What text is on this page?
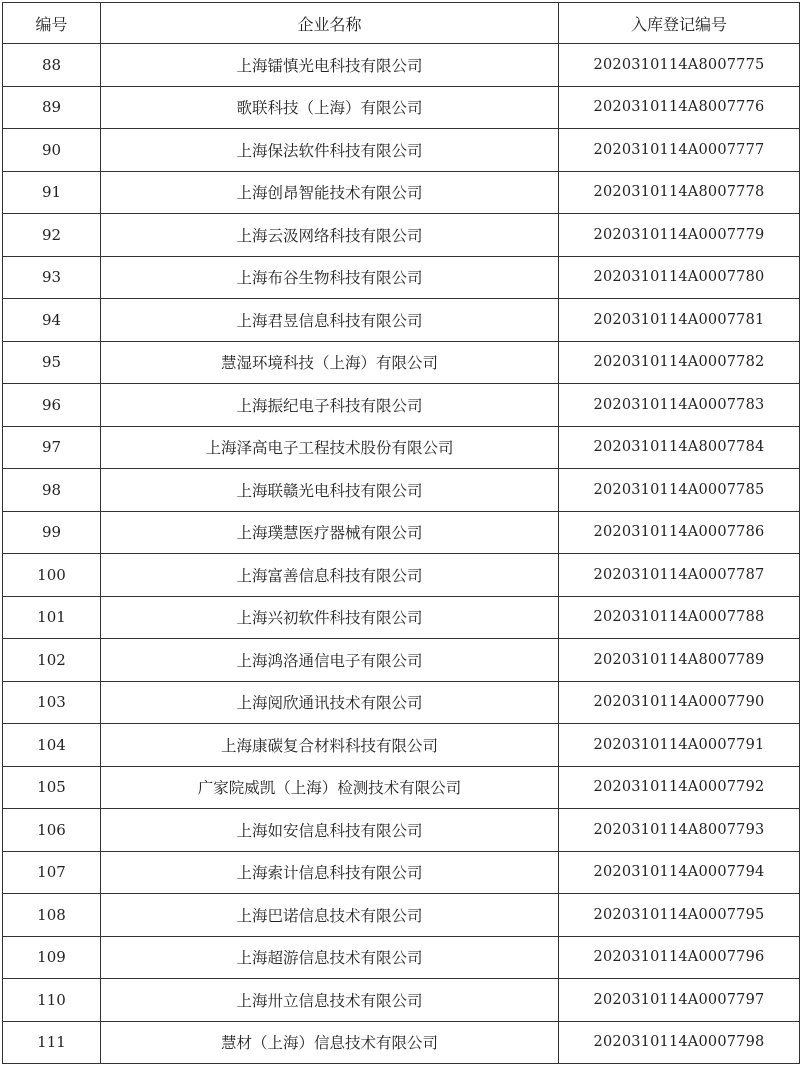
编号	企业名称	入库登记编号
88	上海镭慎光电科技有限公司	2020310114A8007775
89	歌联科技（上海）有限公司	2020310114A8007776
90	上海保法软件科技有限公司	2020310114A0007777
91	上海创昂智能技术有限公司	2020310114A8007778
92	上海云汲网络科技有限公司	2020310114A0007779
93	上海布谷生物科技有限公司	2020310114A0007780
94	上海君昱信息科技有限公司	2020310114A0007781
95	慧湿环境科技（上海）有限公司	2020310114A0007782
96	上海振纪电子科技有限公司	2020310114A0007783
97	上海泽高电子工程技术股份有限公司	2020310114A8007784
98	上海联赣光电科技有限公司	2020310114A0007785
99	上海璞慧医疗器械有限公司	2020310114A0007786
100	上海富善信息科技有限公司	2020310114A0007787
101	上海兴初软件科技有限公司	2020310114A0007788
102	上海鸿洛通信电子有限公司	2020310114A8007789
103	上海阅欣通讯技术有限公司	2020310114A0007790
104	上海康碳复合材料科技有限公司	2020310114A0007791
105	广家院威凯（上海）检测技术有限公司	2020310114A0007792
106	上海如安信息科技有限公司	2020310114A8007793
107	上海索计信息科技有限公司	2020310114A0007794
108	上海巴诺信息技术有限公司	2020310114A0007795
109	上海超游信息技术有限公司	2020310114A0007796
110	上海卅立信息技术有限公司	2020310114A0007797
111	慧材（上海）信息技术有限公司	2020310114A0007798
